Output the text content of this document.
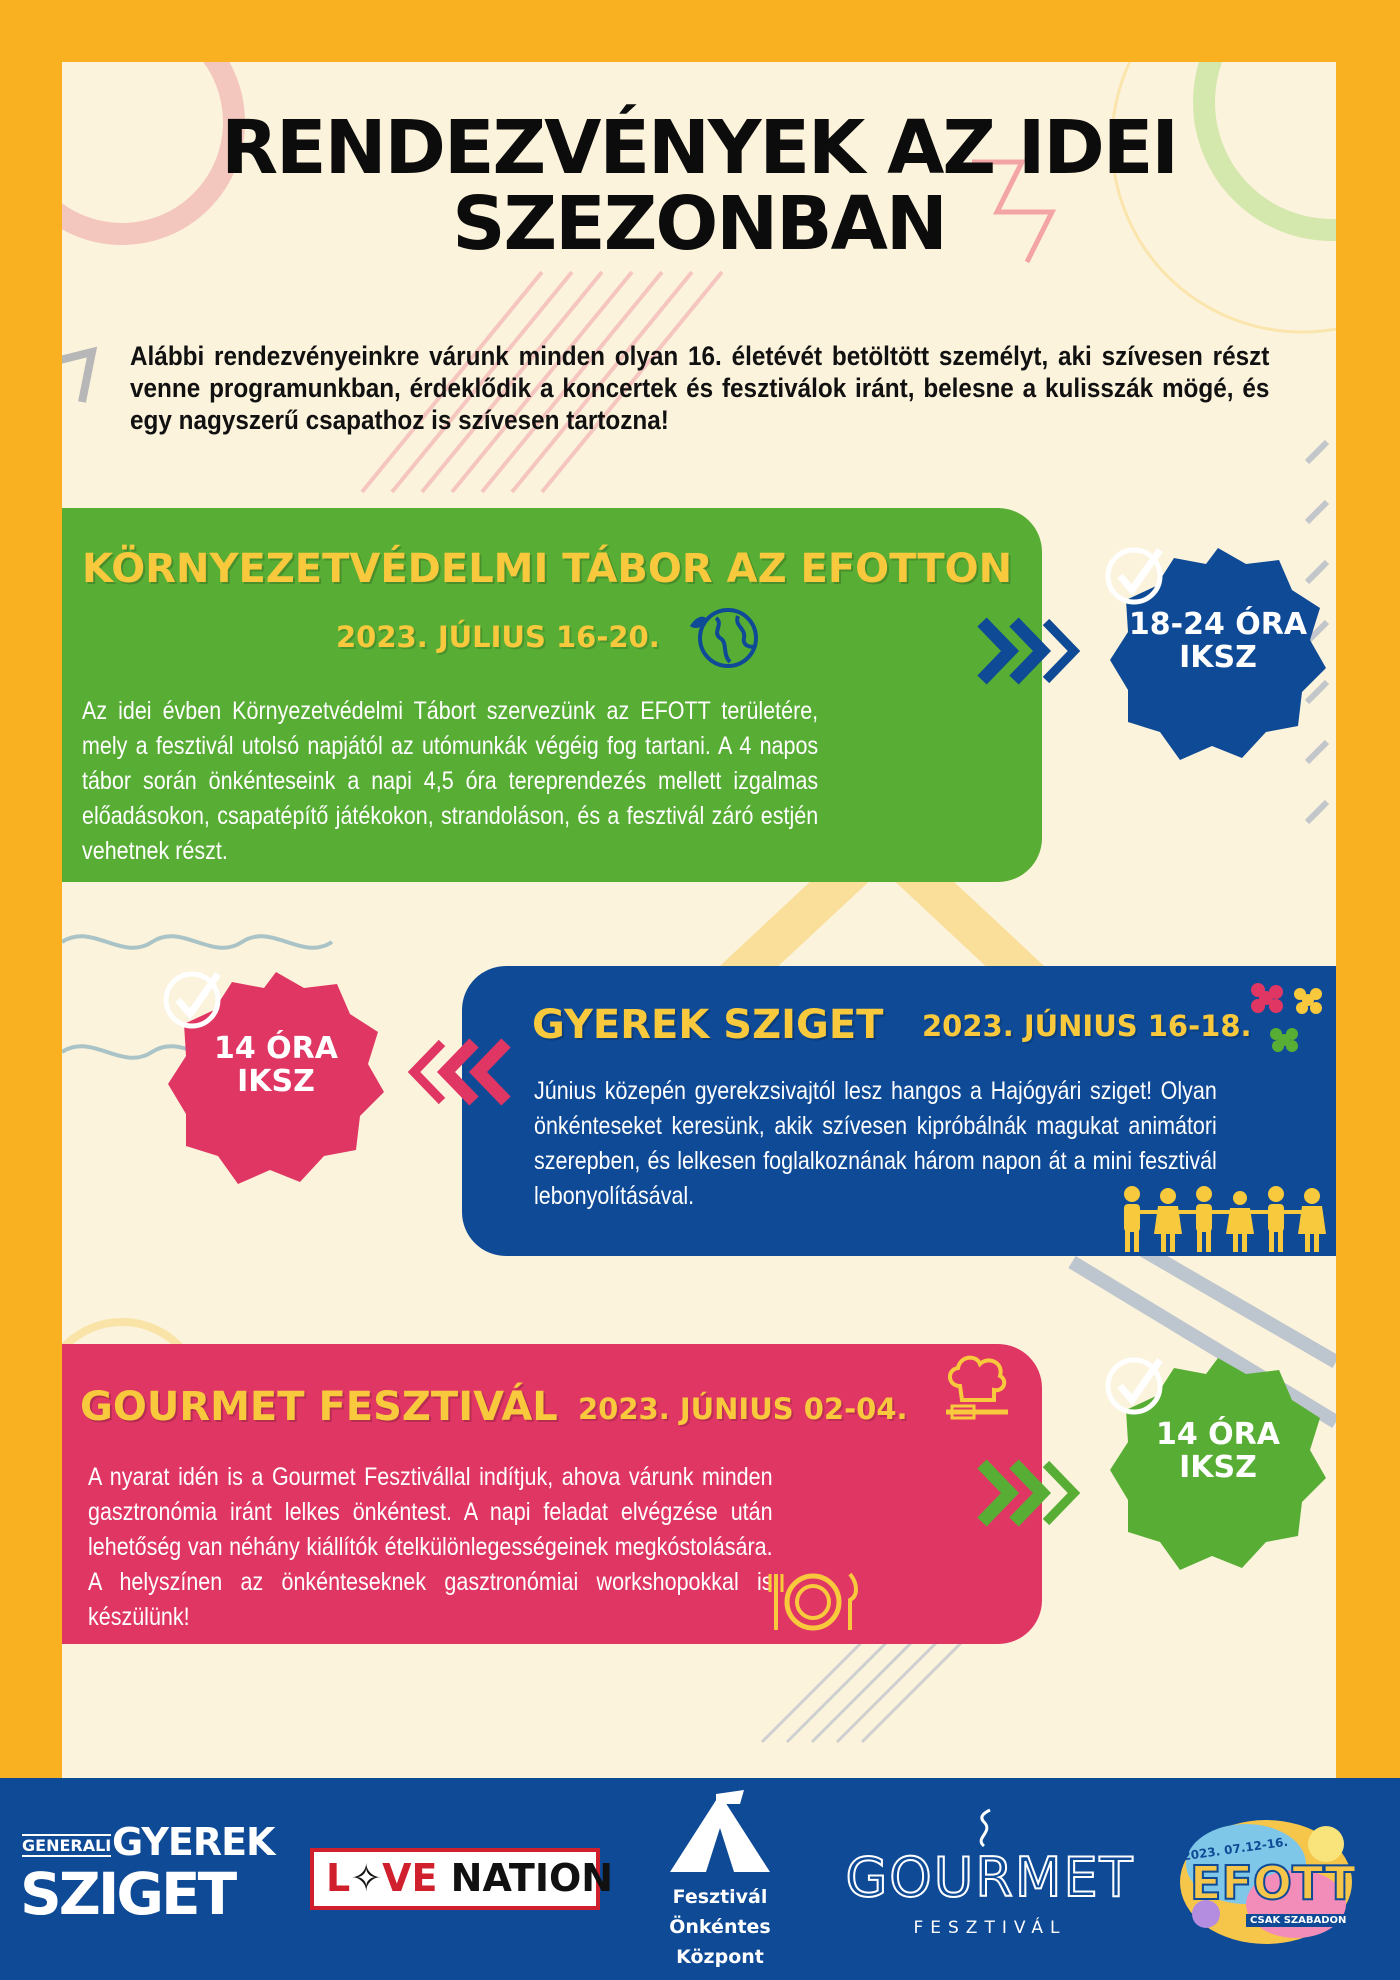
RENDEZVÉNYEK AZ IDEI
SZEZONBAN

Alábbi rendezvényeinkre várunk minden olyan 16. életévét betöltött személyt, aki szívesen részt venne programunkban, érdeklődik a koncertek és fesztiválok iránt, belesne a kulisszák mögé, és egy nagyszerű csapathoz is szívesen tartozna!

KÖRNYEZETVÉDELMI TÁBOR AZ EFOTTON
2023. JÚLIUS 16-20.

Az idei évben Környezetvédelmi Tábort szervezünk az EFOTT területére, mely a fesztivál utolsó napjától az utómunkák végéig fog tartani. A 4 napos tábor során önkénteseink a napi 4,5 óra tereprendezés mellett izgalmas előadásokon, csapatépítő játékokon, strandoláson, és a fesztivál záró estjén vehetnek részt.

18-24 ÓRA
IKSZ
GYEREK SZIGET 2023. JÚNIUS 16-18.

Június közepén gyerekzsivajtól lesz hangos a Hajógyári sziget! Olyan önkénteseket keresünk, akik szívesen kipróbálnák magukat animátori szerepben, és lelkesen foglalkoznának három napon át a mini fesztivál lebonyolításával.

14 ÓRA
IKSZ
GOURMET FESZTIVÁL 2023. JÚNIUS 02-04.

A nyarat idén is a Gourmet Fesztivállal indítjuk, ahova várunk minden gasztronómia iránt lelkes önkéntest. A napi feladat elvégzése után lehetőség van néhány kiállítók ételkülönlegességeinek megkóstolására. A helyszínen az önkénteseknek gasztronómiai workshopokkal is készülünk!

14 ÓRA
IKSZ
GENERALI GYEREK
SZIGET L✧VE NATION	Fesztivál
Önkéntes
Központ
GOURMET
FESZTIVÁL
2023. 07.12-16.
EFOTT
CSAK SZABADON
